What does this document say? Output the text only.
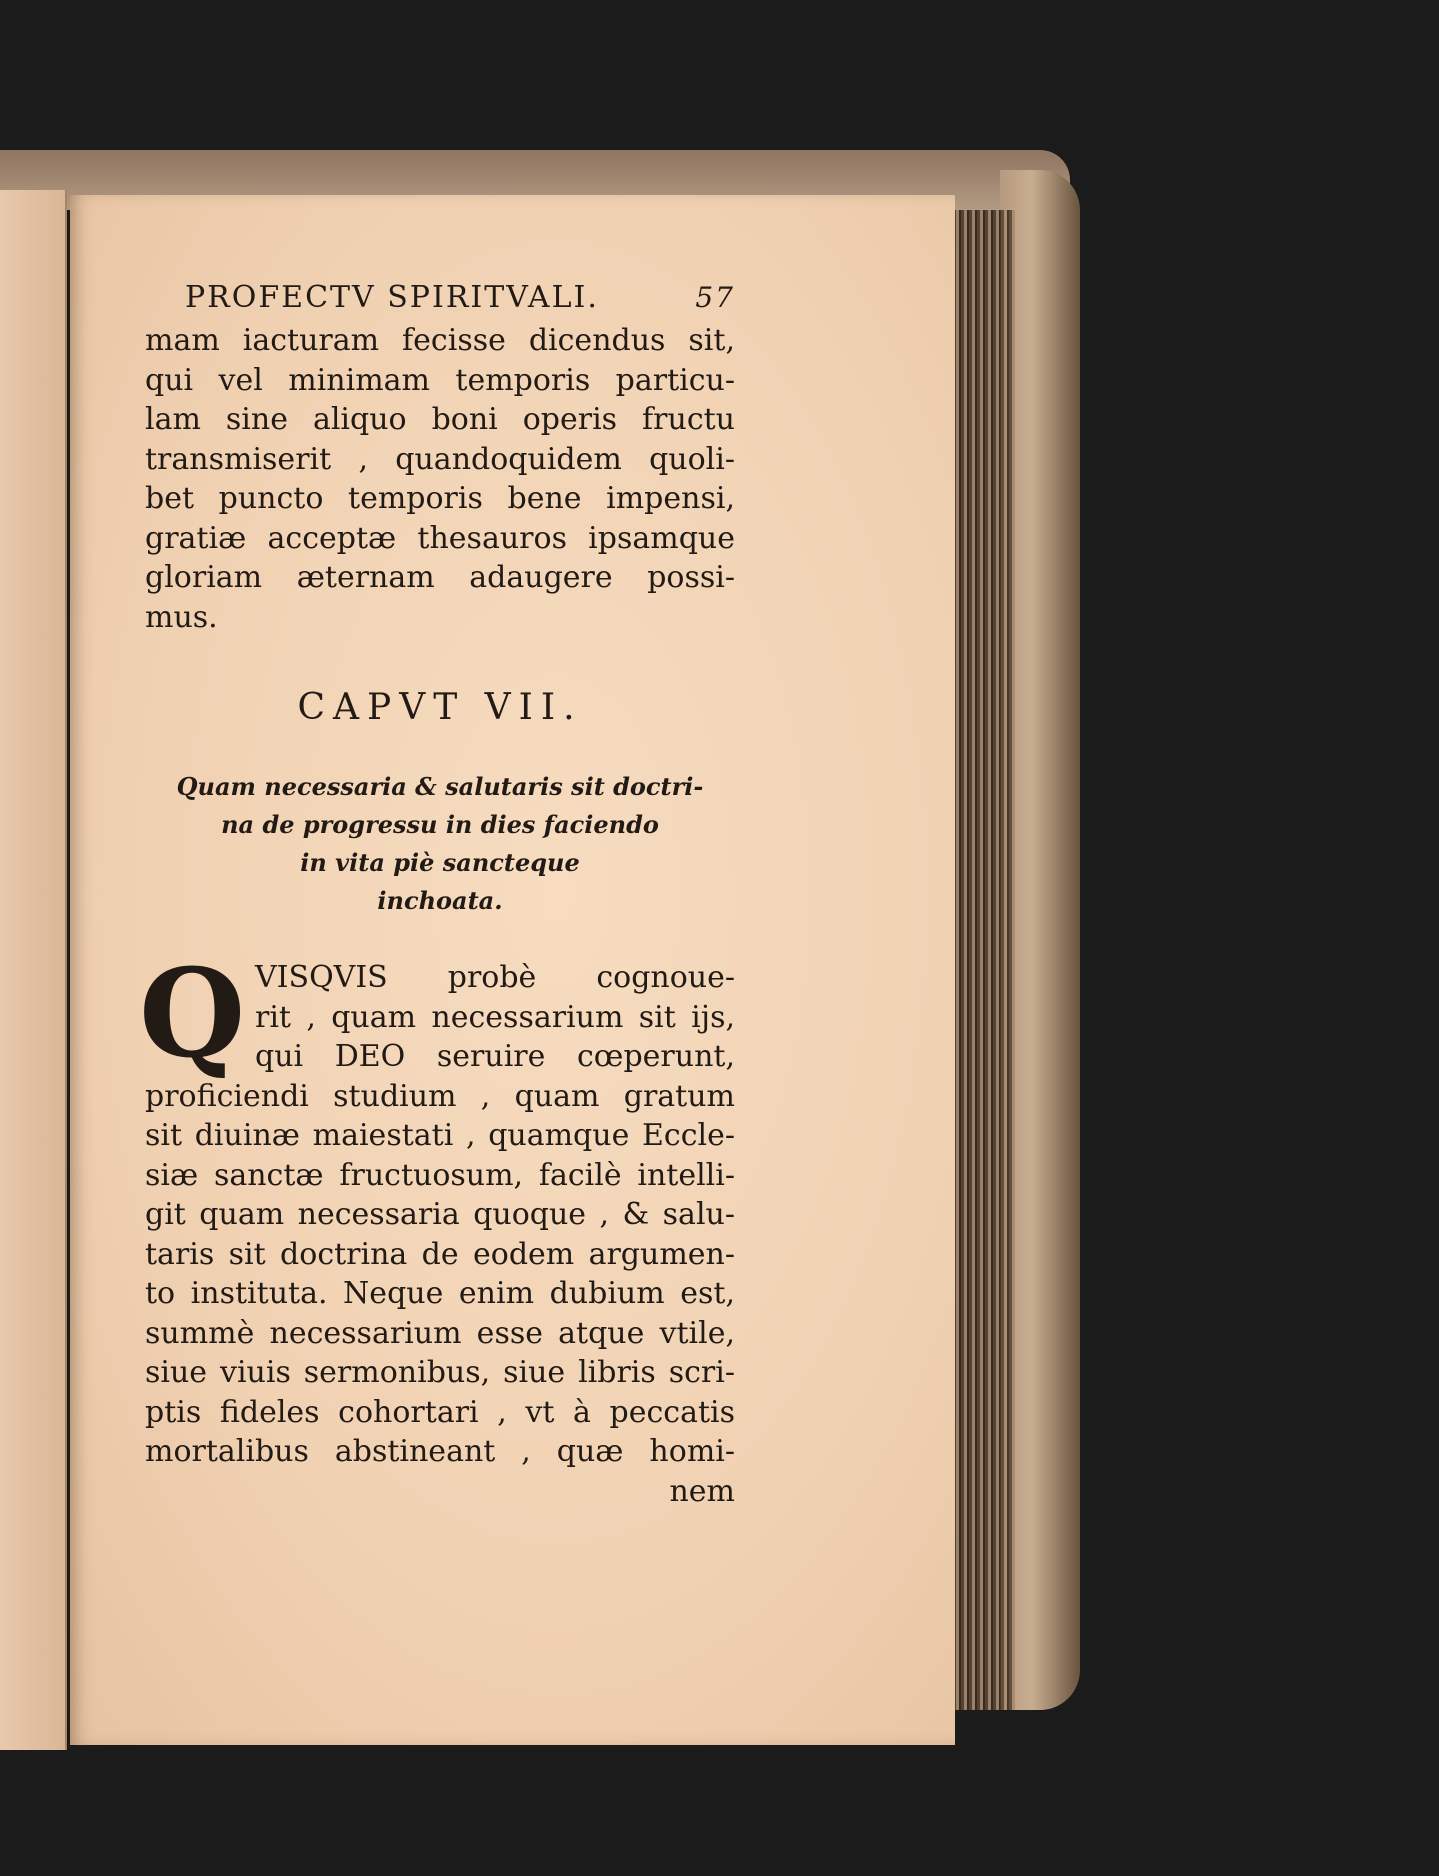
PROFECTV SPIRITVALI.	57
mam iacturam fecisse dicendus sit,
qui vel minimam temporis particu-
lam sine aliquo boni operis fructu
transmiserit , quandoquidem quoli-
bet puncto temporis bene impensi,
gratiæ acceptæ thesauros ipsamque
gloriam æternam adaugere possi-
mus.
CAPVT VII.
Quam necessaria & salutaris sit doctri-
na de progressu in dies faciendo
in vita piè sancteque
inchoata.
Q VISQVIS probè cognoue-
rit , quam necessarium sit ijs,
qui DEO seruire cœperunt,
proficiendi studium , quam gratum
sit diuinæ maiestati , quamque Eccle-
siæ sanctæ fructuosum, facilè intelli-
git quam necessaria quoque , & salu-
taris sit doctrina de eodem argumen-
to instituta. Neque enim dubium est,
summè necessarium esse atque vtile,
siue viuis sermonibus, siue libris scri-
ptis fideles cohortari , vt à peccatis
mortalibus abstineant , quæ homi-
nem
